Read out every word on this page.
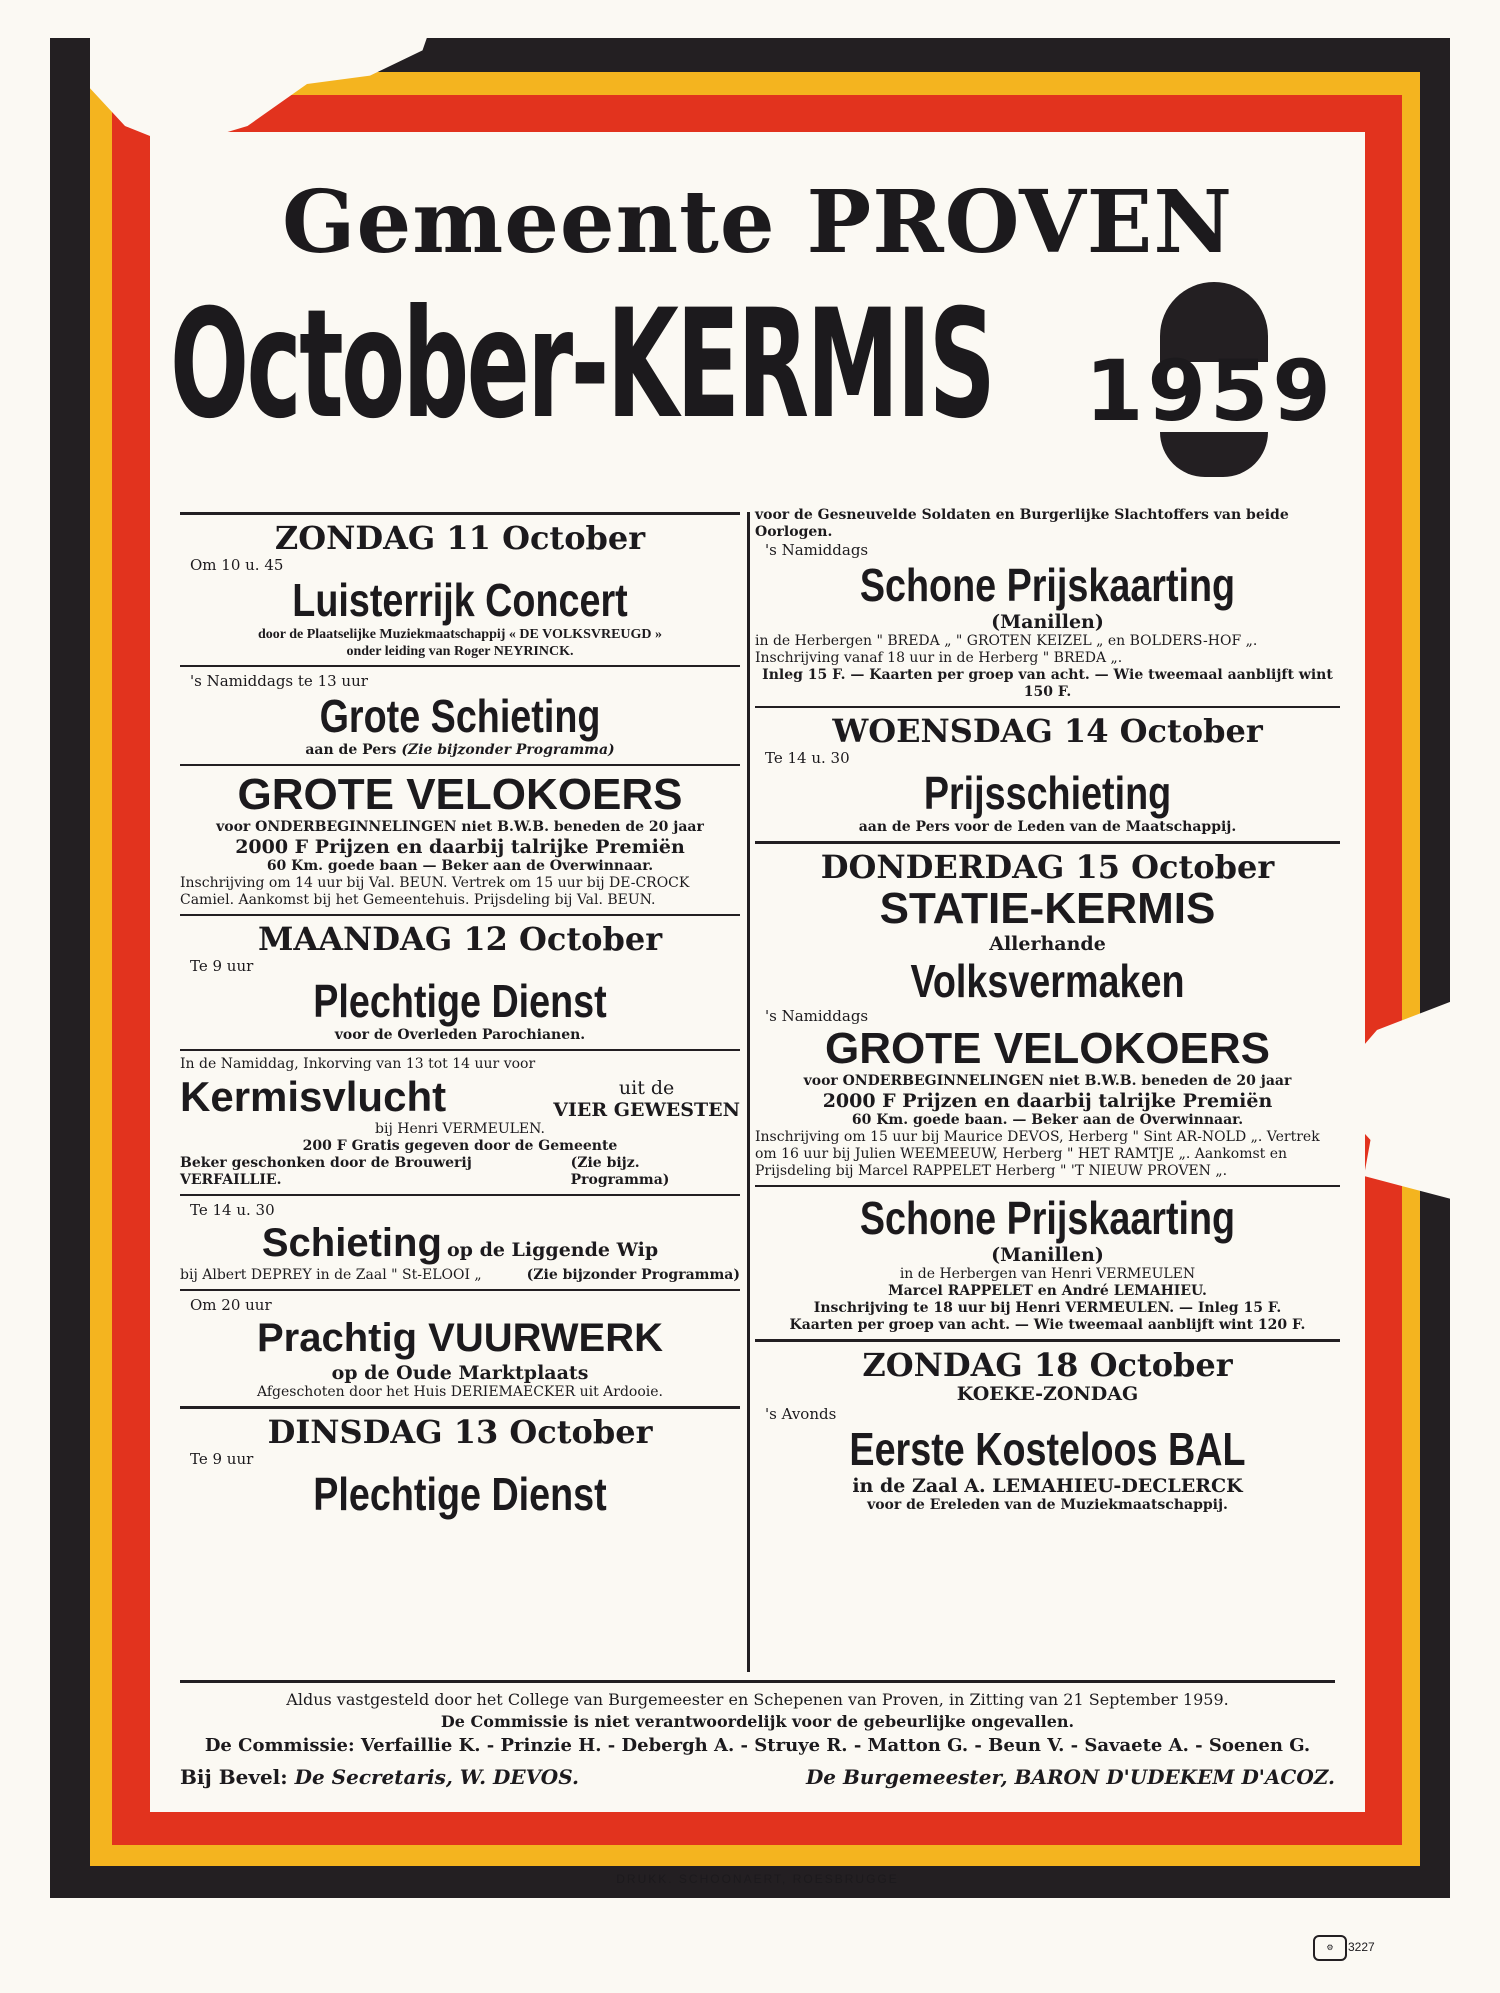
Gemeente PROVEN
October-KERMIS 1959
ZONDAG 11 October
Om 10 u. 45
Luisterrijk Concert
door de Plaatselijke Muziekmaatschappij « DE VOLKSVREUGD »
onder leiding van Roger NEYRINCK.
's Namiddags te 13 uur
Grote Schieting
aan de Pers (Zie bijzonder Programma)
GROTE VELOKOERS
voor ONDERBEGINNELINGEN niet B.W.B. beneden de 20 jaar
2000 F Prijzen en daarbij talrijke Premiën
60 Km. goede baan — Beker aan de Overwinnaar.
Inschrijving om 14 uur bij Val. BEUN. Vertrek om 15 uur bij DE-CROCK Camiel. Aankomst bij het Gemeentehuis. Prijsdeling bij Val. BEUN.
MAANDAG 12 October
Te 9 uur
Plechtige Dienst
voor de Overleden Parochianen.
In de Namiddag, Inkorving van 13 tot 14 uur voor
Kermisvlucht	uit de
VIER GEWESTEN
bij Henri VERMEULEN.
200 F Gratis gegeven door de Gemeente
Beker geschonken door de Brouwerij VERFAILLIE.
(Zie bijz. Programma)
Te 14 u. 30
Schieting op de Liggende Wip
bij Albert DEPREY in de Zaal " St-ELOOI „	(Zie bijzonder Programma)
Om 20 uur
Prachtig VUURWERK
op de Oude Marktplaats
Afgeschoten door het Huis DERIEMAECKER uit Ardooie.
DINSDAG 13 October
Te 9 uur
Plechtige Dienst
voor de Gesneuvelde Soldaten en Burgerlijke Slachtoffers van beide Oorlogen.
's Namiddags
Schone Prijskaarting
(Manillen)
in de Herbergen " BREDA „ " GROTEN KEIZEL „ en BOLDERS-HOF „. Inschrijving vanaf 18 uur in de Herberg " BREDA „.
Inleg 15 F. — Kaarten per groep van acht. — Wie tweemaal aanblijft wint 150 F.
WOENSDAG 14 October
Te 14 u. 30
Prijsschieting
aan de Pers voor de Leden van de Maatschappij.
DONDERDAG 15 October
STATIE-KERMIS
Allerhande
Volksvermaken
's Namiddags
GROTE VELOKOERS
voor ONDERBEGINNELINGEN niet B.W.B. beneden de 20 jaar
2000 F Prijzen en daarbij talrijke Premiën
60 Km. goede baan. — Beker aan de Overwinnaar.
Inschrijving om 15 uur bij Maurice DEVOS, Herberg " Sint AR-NOLD „. Vertrek om 16 uur bij Julien WEEMEEUW, Herberg " HET RAMTJE „. Aankomst en Prijsdeling bij Marcel RAPPELET Herberg " 'T NIEUW PROVEN „.
Schone Prijskaarting
(Manillen)
in de Herbergen van Henri VERMEULEN
Marcel RAPPELET en André LEMAHIEU.
Inschrijving te 18 uur bij Henri VERMEULEN. — Inleg 15 F.
Kaarten per groep van acht. — Wie tweemaal aanblijft wint 120 F.
ZONDAG 18 October
KOEKE-ZONDAG
's Avonds
Eerste Kosteloos BAL
in de Zaal A. LEMAHIEU-DECLERCK
voor de Ereleden van de Muziekmaatschappij.
Aldus vastgesteld door het College van Burgemeester en Schepenen van Proven, in Zitting van 21 September 1959.
De Commissie is niet verantwoordelijk voor de gebeurlijke ongevallen.
De Commissie: Verfaillie K. - Prinzie H. - Debergh A. - Struye R. - Matton G. - Beun V. - Savaete A. - Soenen G.
Bij Bevel: De Secretaris, W. DEVOS.	De Burgemeester, BARON D'UDEKEM D'ACOZ.
DRUKK. SCHOONAERT, ROESBRUGGE
⚙	3227
